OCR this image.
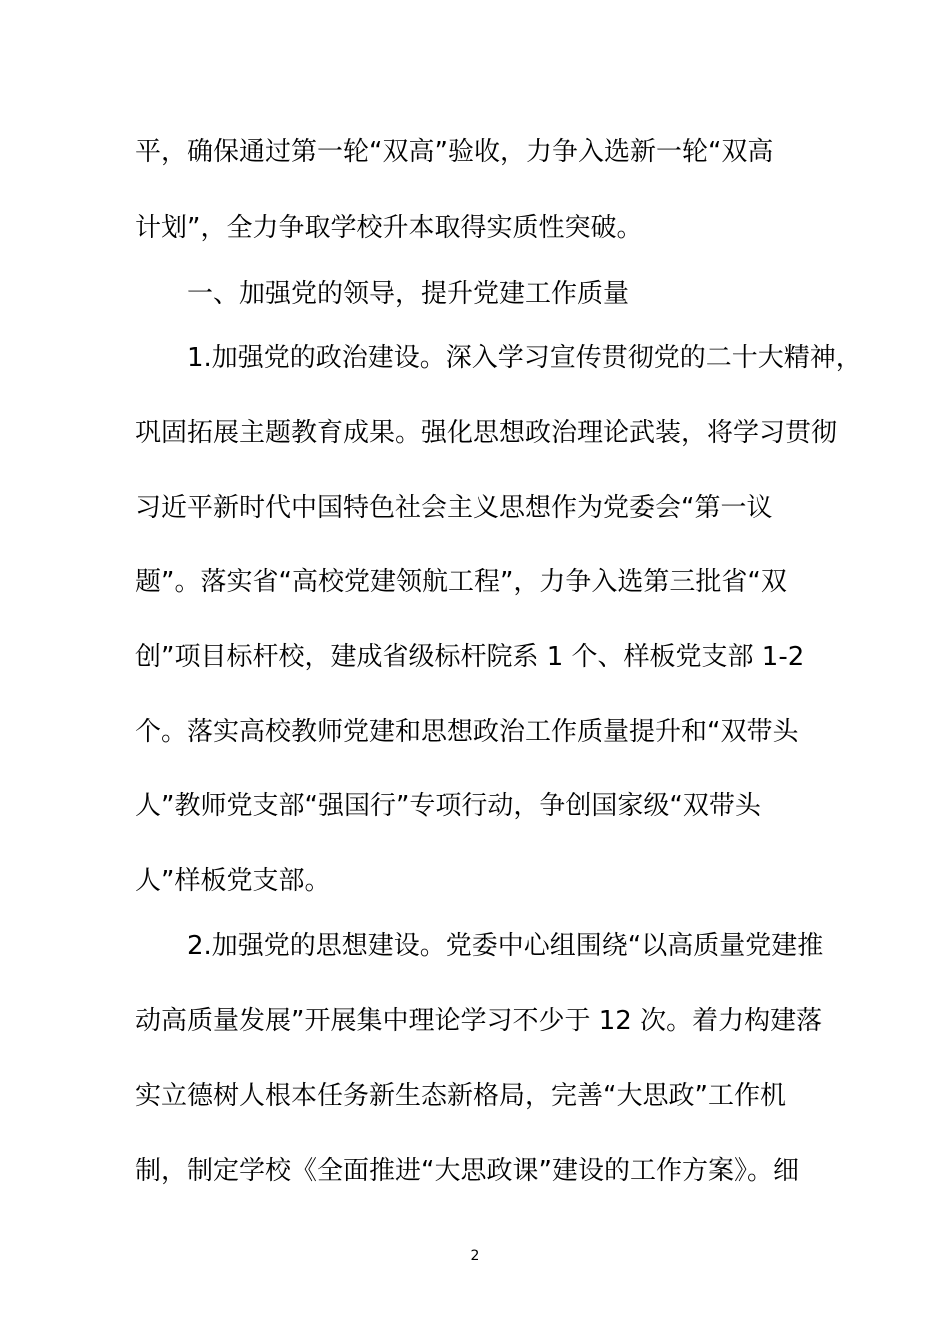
平，确保通过第一轮“双高”验收，力争入选新一轮“双高
计划”，全力争取学校升本取得实质性突破。
一、加强党的领导，提升党建工作质量
1.加强党的政治建设。深入学习宣传贯彻党的二十大精神，
巩固拓展主题教育成果。强化思想政治理论武装，将学习贯彻
习近平新时代中国特色社会主义思想作为党委会“第一议
题”。落实省“高校党建领航工程”，力争入选第三批省“双
创”项目标杆校，建成省级标杆院系 1 个、样板党支部 1-2
个。落实高校教师党建和思想政治工作质量提升和“双带头
人”教师党支部“强国行”专项行动，争创国家级“双带头
人”样板党支部。
2.加强党的思想建设。党委中心组围绕“以高质量党建推
动高质量发展”开展集中理论学习不少于 12 次。着力构建落
实立德树人根本任务新生态新格局，完善“大思政”工作机
制，制定学校《全面推进“大思政课”建设的工作方案》。细
2
